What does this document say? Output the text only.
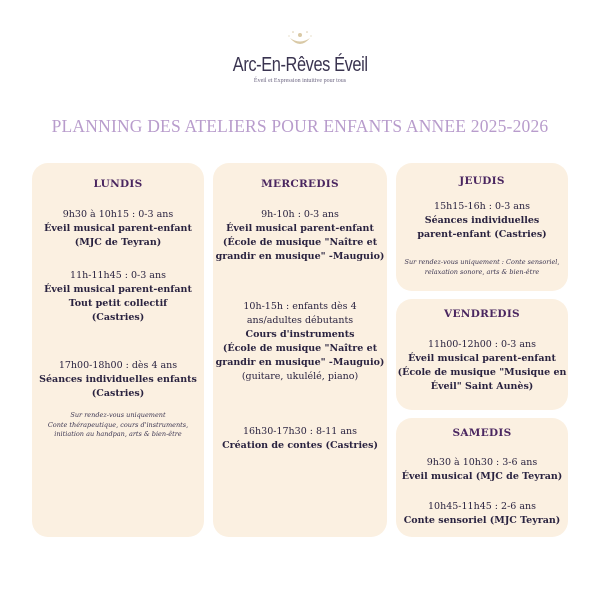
Arc-En-Rêves Éveil
Éveil et Expression intuitive pour tous
PLANNING DES ATELIERS POUR ENFANTS ANNEE 2025-2026
LUNDIS
9h30 à 10h15 : 0-3 ans
Éveil musical parent-enfant
(MJC de Teyran)
11h-11h45 : 0-3 ans
Éveil musical parent-enfant
Tout petit collectif
(Castries)
17h00-18h00 : dès 4 ans
Séances individuelles enfants
(Castries)
Sur rendez-vous uniquement
Conte thérapeutique, cours d'instruments,
initiation au handpan, arts & bien-être
MERCREDIS
9h-10h : 0-3 ans
Éveil musical parent-enfant
(École de musique "Naître et
grandir en musique" -Mauguio)
10h-15h : enfants dès 4
ans/adultes débutants
Cours d'instruments
(École de musique "Naître et
grandir en musique" -Mauguio)
(guitare, ukulélé, piano)
16h30-17h30 : 8-11 ans
Création de contes (Castries)
JEUDIS
15h15-16h : 0-3 ans
Séances individuelles
parent-enfant (Castries)
Sur rendez-vous uniquement : Conte sensoriel,
relaxation sonore, arts & bien-être
VENDREDIS
11h00-12h00 : 0-3 ans
Éveil musical parent-enfant
(École de musique "Musique en
Éveil" Saint Aunès)
SAMEDIS
9h30 à 10h30 : 3-6 ans
Éveil musical (MJC de Teyran)
10h45-11h45 : 2-6 ans
Conte sensoriel (MJC Teyran)
